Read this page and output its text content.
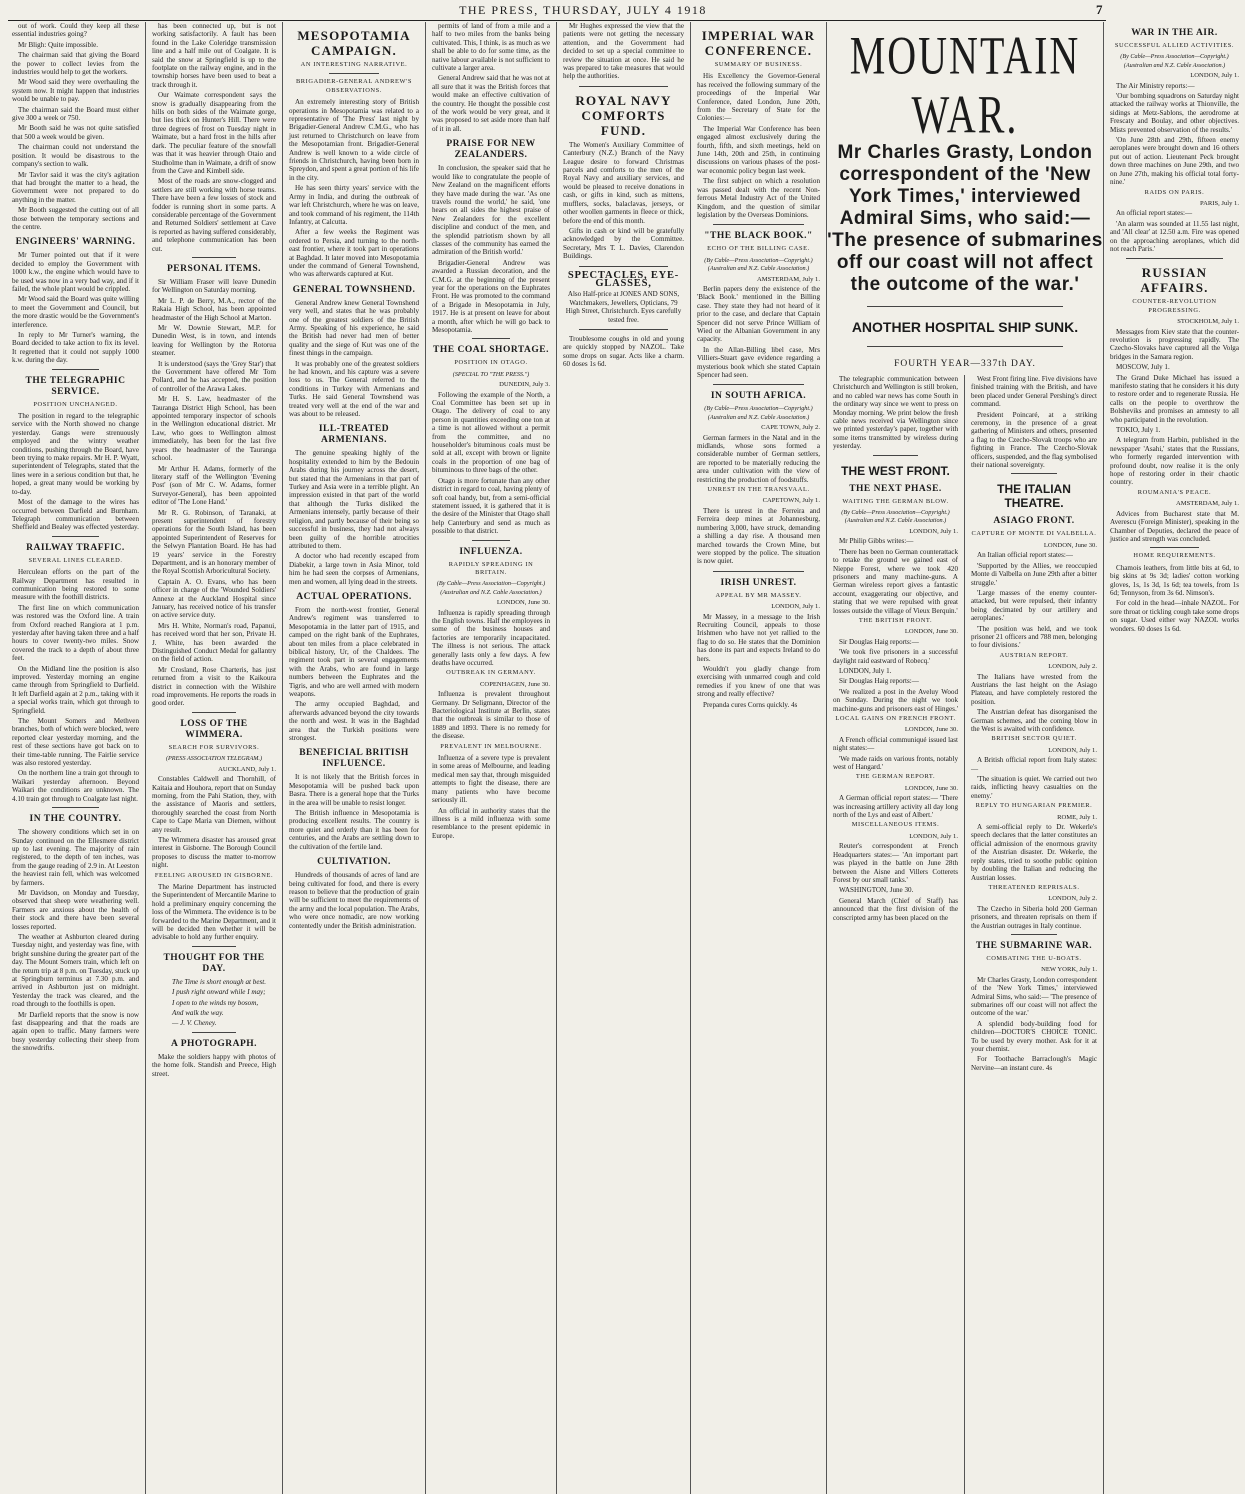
THE PRESS, THURSDAY, JULY 4 1918	7

out of work. Could they keep all these essential industries going?

Mr Bligh: Quite impossible.

The chairman said that giving the Board the power to collect levies from the industries would help to get the workers.

Mr Wood said they were overhauling the system now. It might happen that industries would be unable to pay.

The chairman said the Board must either give 300 a week or 750.

Mr Booth said he was not quite satisfied that 500 a week would be given.

The chairman could not understand the position. It would be disastrous to the company's section to walk.

Mr Tavlor said it was the city's agitation that had brought the matter to a head, the Government were not prepared to do anything in the matter.

Mr Booth suggested the cutting out of all those between the temporary sections and the centre.

ENGINEERS' WARNING.

Mr Turner pointed out that if it were decided to employ the Government with 1000 k.w., the engine which would have to be used was now in a very bad way, and if it failed, the whole plant would be crippled.

Mr Wood said the Board was quite willing to meet the Government and Council, but the more drastic would be the Government's interference.

In reply to Mr Turner's warning, the Board decided to take action to fix its level. It regretted that it could not supply 1000 k.w. during the day.

THE TELEGRAPHIC SERVICE.
POSITION UNCHANGED.

The position in regard to the telegraphic service with the North showed no change yesterday. Gangs were strenuously employed and the wintry weather conditions, pushing through the Board, have been trying to make repairs. Mr H. P. Wyatt, superintendent of Telegraphs, stated that the lines were in a serious condition but that, he hoped, a great many would be working by to-day.

Most of the damage to the wires has occurred between Darfield and Burnham. Telegraph communication between Sheffield and Bealey was effected yesterday.

RAILWAY TRAFFIC.
SEVERAL LINES CLEARED.

Herculean efforts on the part of the Railway Department has resulted in communication being restored to some measure with the foothill districts.

The first line on which communication was restored was the Oxford line. A train from Oxford reached Rangiora at 1 p.m. yesterday after having taken three and a half hours to cover twenty-two miles. Snow covered the track to a depth of about three feet.

On the Midland line the position is also improved. Yesterday morning an engine came through from Springfield to Darfield. It left Darfield again at 2 p.m., taking with it a special works train, which got through to Springfield.

The Mount Somers and Methven branches, both of which were blocked, were reported clear yesterday morning, and the rest of these sections have got back on to their time-table running. The Fairlie service was also restored yesterday.

On the northern line a train got through to Waikari yesterday afternoon. Beyond Waikari the conditions are unknown. The 4.10 train got through to Coalgate last night.

IN THE COUNTRY.

The showery conditions which set in on Sunday continued on the Ellesmere district up to last evening. The majority of rain registered, to the depth of ten inches, was from the gauge reading of 2.9 in. At Leeston the heaviest rain fell, which was welcomed by farmers.

Mr Davidson, on Monday and Tuesday, observed that sheep were weathering well. Farmers are anxious about the health of their stock and there have been several losses reported.

The weather at Ashburton cleared during Tuesday night, and yesterday was fine, with bright sunshine during the greater part of the day. The Mount Somers train, which left on the return trip at 8 p.m. on Tuesday, stuck up at Springburn terminus at 7.30 p.m. and arrived in Ashburton just on midnight. Yesterday the track was cleared, and the road through to the foothills is open.

Mr Darfield reports that the snow is now fast disappearing and that the roads are again open to traffic. Many farmers were busy yesterday collecting their sheep from the snowdrifts.

has been connected up, but is not working satisfactorily. A fault has been found in the Lake Coleridge transmission line and a half mile out of Coalgate. It is said the snow at Springfield is up to the footplate on the railway engine, and in the township horses have been used to beat a track through it.

Our Waimate correspondent says the snow is gradually disappearing from the hills on both sides of the Waimate gorge, but lies thick on Hunter's Hill. There were three degrees of frost on Tuesday night in Waimate, but a hard frost in the hills after dark. The peculiar feature of the snowfall was that it was heavier through Otaio and Studholme than in Waimate, a drift of snow from the Cave and Kimbell side.

Most of the roads are snow-clogged and settlers are still working with horse teams. There have been a few losses of stock and fodder is running short in some parts. A considerable percentage of the Government and Returned Soldiers' settlement at Cave is reported as having suffered considerably, and telephone communication has been cut.

PERSONAL ITEMS.

Sir William Fraser will leave Dunedin for Wellington on Saturday morning.

Mr L. P. de Berry, M.A., rector of the Rakaia High School, has been appointed headmaster of the High School at Marton.

Mr W. Downie Stewart, M.P. for Dunedin West, is in town, and intends leaving for Wellington by the Rotorua steamer.

It is understood (says the 'Grey Star') that the Government have offered Mr Tom Pollard, and he has accepted, the position of controller of the Arawa Lakes.

Mr H. S. Law, headmaster of the Tauranga District High School, has been appointed temporary inspector of schools in the Wellington educational district. Mr Law, who goes to Wellington almost immediately, has been for the last five years the headmaster of the Tauranga school.

Mr Arthur H. Adams, formerly of the literary staff of the Wellington 'Evening Post' (son of Mr C. W. Adams, former Surveyor-General), has been appointed editor of 'The Lone Hand.'

Mr R. G. Robinson, of Taranaki, at present superintendent of forestry operations for the South Island, has been appointed Superintendent of Reserves for the Selwyn Plantation Board. He has had 19 years' service in the Forestry Department, and is an honorary member of the Royal Scottish Arboricultural Society.

Captain A. O. Evans, who has been officer in charge of the 'Wounded Soldiers' Annexe at the Auckland Hospital since January, has received notice of his transfer on active service duty.

Mrs H. White, Norman's road, Papanui, has received word that her son, Private H. J. White, has been awarded the Distinguished Conduct Medal for gallantry on the field of action.

Mr Crosland, Rose Charteris, has just returned from a visit to the Kaikoura district in connection with the Wilshire road improvements. He reports the roads in good order.

LOSS OF THE WIMMERA.
SEARCH FOR SURVIVORS.
(PRESS ASSOCIATION TELEGRAM.)
AUCKLAND, July 1.

Constables Caldwell and Thornhill, of Kaitaia and Houhora, report that on Sunday morning, from the Pahi Station, they, with the assistance of Maoris and settlers, thoroughly searched the coast from North Cape to Cape Maria van Diemen, without any result.

The Wimmera disaster has aroused great interest in Gisborne. The Borough Council proposes to discuss the matter to-morrow night.

FEELING AROUSED IN GISBORNE.

The Marine Department has instructed the Superintendent of Mercantile Marine to hold a preliminary enquiry concerning the loss of the Wimmera. The evidence is to be forwarded to the Marine Department, and it will be decided then whether it will be advisable to hold any further enquiry.

THOUGHT FOR THE DAY.

The Time is short enough at best.

I push right onward while I may;

I open to the winds my bosom,

And walk the way.

— J. V. Cheney.

A PHOTOGRAPH.

Make the soldiers happy with photos of the home folk. Standish and Preece, High street.

MESOPOTAMIA CAMPAIGN.
AN INTERESTING NARRATIVE.
BRIGADIER-GENERAL ANDREW'S OBSERVATIONS.

An extremely interesting story of British operations in Mesopotamia was related to a representative of 'The Press' last night by Brigadier-General Andrew C.M.G., who has just returned to Christchurch on leave from the Mesopotamian front. Brigadier-General Andrew is well known to a wide circle of friends in Christchurch, having been born in Spreydon, and spent a great portion of his life in the city.

He has seen thirty years' service with the Army in India, and during the outbreak of war left Christchurch, where he was on leave, and took command of his regiment, the 114th Infantry, at Calcutta.

After a few weeks the Regiment was ordered to Persia, and turning to the north-east frontier, where it took part in operations at Baghdad. It later moved into Mesopotamia under the command of General Townshend, who was afterwards captured at Kut.

GENERAL TOWNSHEND.

General Andrew knew General Townshend very well, and states that he was probably one of the greatest soldiers of the British Army. Speaking of his experience, he said the British had never had men of better quality and the siege of Kut was one of the finest things in the campaign.

It was probably one of the greatest soldiers he had known, and his capture was a severe loss to us. The General referred to the conditions in Turkey with Armenians and Turks. He said General Townshend was treated very well at the end of the war and was about to be released.

ILL-TREATED ARMENIANS.

The genuine speaking highly of the hospitality extended to him by the Bedouin Arabs during his journey across the desert, but stated that the Armenians in that part of Turkey and Asia were in a terrible plight. An impression existed in that part of the world that although the Turks disliked the Armenians intensely, partly because of their religion, and partly because of their being so successful in business, they had not always been guilty of the horrible atrocities attributed to them.

A doctor who had recently escaped from Diabekir, a large town in Asia Minor, told him he had seen the corpses of Armenians, men and women, all lying dead in the streets.

ACTUAL OPERATIONS.

From the north-west frontier, General Andrew's regiment was transferred to Mesopotamia in the latter part of 1915, and camped on the right bank of the Euphrates, about ten miles from a place celebrated in biblical history, Ur, of the Chaldees. The regiment took part in several engagements with the Arabs, who are found in large numbers between the Euphrates and the Tigris, and who are well armed with modern weapons.

The army occupied Baghdad, and afterwards advanced beyond the city towards the north and west. It was in the Baghdad area that the Turkish positions were strongest.

BENEFICIAL BRITISH INFLUENCE.

It is not likely that the British forces in Mesopotamia will be pushed back upon Basra. There is a general hope that the Turks in the area will be unable to resist longer.

The British influence in Mesopotamia is producing excellent results. The country is more quiet and orderly than it has been for centuries, and the Arabs are settling down to the cultivation of the fertile land.

CULTIVATION.

Hundreds of thousands of acres of land are being cultivated for food, and there is every reason to believe that the production of grain will be sufficient to meet the requirements of the army and the local population. The Arabs, who were once nomadic, are now working contentedly under the British administration.

permits of land of from a mile and a half to two miles from the banks being cultivated. This, I think, is as much as we shall be able to do for some time, as the native labour available is not sufficient to cultivate a larger area.

General Andrew said that he was not at all sure that it was the British forces that would make an effective cultivation of the country. He thought the possible cost of the work would be very great, and it was proposed to set aside more than half of it in all.

PRAISE FOR NEW ZEALANDERS.

In conclusion, the speaker said that he would like to congratulate the people of New Zealand on the magnificent efforts they have made during the war. 'As one travels round the world,' he said, 'one hears on all sides the highest praise of New Zealanders for the excellent discipline and conduct of the men, and the splendid patriotism shown by all classes of the community has earned the admiration of the British world.'

Brigadier-General Andrew was awarded a Russian decoration, and the C.M.G. at the beginning of the present year for the operations on the Euphrates Front. He was promoted to the command of a Brigade in Mesopotamia in July, 1917. He is at present on leave for about a month, after which he will go back to Mesopotamia.

THE COAL SHORTAGE.
POSITION IN OTAGO.
(SPECIAL TO "THE PRESS.")
DUNEDIN, July 3.

Following the example of the North, a Coal Committee has been set up in Otago. The delivery of coal to any person in quantities exceeding one ton at a time is not allowed without a permit from the committee, and no householder's bituminous coals must be sold at all, except with brown or lignite coals in the proportion of one bag of bituminous to three bags of the other.

Otago is more fortunate than any other district in regard to coal, having plenty of soft coal handy, but, from a semi-official statement issued, it is gathered that it is the desire of the Minister that Otago shall help Canterbury and send as much as possible to that district.

INFLUENZA.
RAPIDLY SPREADING IN BRITAIN.
(By Cable—Press Association—Copyright.) (Australian and N.Z. Cable Association.)
LONDON, June 30.

Influenza is rapidly spreading through the English towns. Half the employees in some of the business houses and factories are temporarily incapacitated. The illness is not serious. The attack generally lasts only a few days. A few deaths have occurred.

OUTBREAK IN GERMANY.
COPENHAGEN, June 30.

Influenza is prevalent throughout Germany. Dr Seligmann, Director of the Bacteriological Institute at Berlin, states that the outbreak is similar to those of 1889 and 1893. There is no remedy for the disease.

PREVALENT IN MELBOURNE.

Influenza of a severe type is prevalent in some areas of Melbourne, and leading medical men say that, through misguided attempts to fight the disease, there are many patients who have become seriously ill.

An official in authority states that the illness is a mild influenza with some resemblance to the present epidemic in Europe.

Mr Hughes expressed the view that the patients were not getting the necessary attention, and the Government had decided to set up a special committee to review the situation at once. He said he was prepared to take measures that would help the authorities.

ROYAL NAVY COMFORTS FUND.

The Women's Auxiliary Committee of Canterbury (N.Z.) Branch of the Navy League desire to forward Christmas parcels and comforts to the men of the Royal Navy and auxiliary services, and would be pleased to receive donations in cash, or gifts in kind, such as mittens, mufflers, socks, balaclavas, jerseys, or other woollen garments in fleece or thick, before the end of this month.

Gifts in cash or kind will be gratefully acknowledged by the Committee. Secretary, Mrs T. L. Davies, Clarendon Buildings.

SPECTACLES, EYE-GLASSES,
Also Half-price at JONES AND SONS, Watchmakers, Jewellers, Opticians, 79 High Street, Christchurch. Eyes carefully tested free.

Troublesome coughs in old and young are quickly stopped by NAZOL. Take some drops on sugar. Acts like a charm. 60 doses 1s 6d.

IMPERIAL WAR CONFERENCE.
SUMMARY OF BUSINESS.

His Excellency the Governor-General has received the following summary of the proceedings of the Imperial War Conference, dated London, June 20th, from the Secretary of State for the Colonies:—

The Imperial War Conference has been engaged almost exclusively during the fourth, fifth, and sixth meetings, held on June 14th, 20th and 25th, in continuing discussions on various phases of the post-war economic policy begun last week.

The first subject on which a resolution was passed dealt with the recent Non-ferrous Metal Industry Act of the United Kingdom, and the question of similar legislation by the Overseas Dominions.

"THE BLACK BOOK."
ECHO OF THE BILLING CASE.
(By Cable—Press Association—Copyright.) (Australian and N.Z. Cable Association.)
AMSTERDAM, July 1.

Berlin papers deny the existence of the 'Black Book.' mentioned in the Billing case. They state they had not heard of it prior to the case, and declare that Captain Spencer did not serve Prince William of Wied or the Albanian Government in any capacity.

In the Allan-Billing libel case, Mrs Villiers-Stuart gave evidence regarding a mysterious book which she stated Captain Spencer had seen.

IN SOUTH AFRICA.
(By Cable—Press Association—Copyright.) (Australian and N.Z. Cable Association.)
CAPE TOWN, July 2.

German farmers in the Natal and in the midlands, whose sons formed a considerable number of German settlers, are reported to be materially reducing the area under cultivation with the view of restricting the production of foodstuffs.

UNREST IN THE TRANSVAAL.
CAPETOWN, July 1.

There is unrest in the Ferreira and Ferreira deep mines at Johannesburg, numbering 3,000, have struck, demanding a shilling a day rise. A thousand men marched towards the Crown Mine, but were stopped by the police. The situation is now quiet.

IRISH UNREST.
APPEAL BY MR MASSEY.
LONDON, July 1.

Mr Massey, in a message to the Irish Recruiting Council, appeals to those Irishmen who have not yet rallied to the flag to do so. He states that the Dominion has done its part and expects Ireland to do hers.

Wouldn't you gladly change from exercising with unmarred cough and cold remedies if you knew of one that was strong and really effective?

Prepanda cures Corns quickly. 4s

MOUNTAIN WAR.
Mr Charles Grasty, London correspondent of the 'New York Times,' interviewed Admiral Sims, who said:— 'The presence of submarines off our coast will not affect the outcome of the war.'
ANOTHER HOSPITAL SHIP SUNK.
FOURTH YEAR—337th DAY.

The telegraphic communication between Christchurch and Wellington is still broken, and no cabled war news has come South in the ordinary way since we went to press on Monday morning. We print below the fresh cable news received via Wellington since we printed yesterday's paper, together with some items transmitted by wireless during yesterday.

THE WEST FRONT.
THE NEXT PHASE.
WAITING THE GERMAN BLOW.
(By Cable—Press Association—Copyright.) (Australian and N.Z. Cable Association.)
LONDON, July 1.

Mr Philip Gibbs writes:—

'There has been no German counterattack to retake the ground we gained east of Nieppe Forest, where we took 420 prisoners and many machine-guns. A German wireless report gives a fantastic account, exaggerating our objective, and stating that we were repulsed with great losses outside the village of Vieux Berquin.'

THE BRITISH FRONT.
LONDON, June 30.

Sir Douglas Haig reports:—

'We took five prisoners in a successful daylight raid eastward of Robecq.'

LONDON, July 1.

Sir Douglas Haig reports:—

'We realized a post in the Aveluy Wood on Sunday. During the night we took machine-guns and prisoners east of Hinges.'

LOCAL GAINS ON FRENCH FRONT.
LONDON, June 30.

A French official communiqué issued last night states:—

'We made raids on various fronts, notably west of Hangard.'

THE GERMAN REPORT.
LONDON, June 30.

A German official report states:— 'There was increasing artillery activity all day long north of the Lys and east of Albert.'

MISCELLANEOUS ITEMS.
LONDON, July 1.

Reuter's correspondent at French Headquarters states:— 'An important part was played in the battle on June 28th between the Aisne and Villers Cotterets Forest by our small tanks.'

WASHINGTON, June 30.

General March (Chief of Staff) has announced that the first division of the conscripted army has been placed on the

West Front firing line. Five divisions have finished training with the British, and have been placed under General Pershing's direct command.

President Poincaré, at a striking ceremony, in the presence of a great gathering of Ministers and others, presented a flag to the Czecho-Slovak troops who are fighting in France. The Czecho-Slovak officers, suspended, and the flag symbolised their national sovereignty.

THE ITALIAN THEATRE.
ASIAGO FRONT.
CAPTURE OF MONTE DI VALBELLA.
LONDON, June 30.

An Italian official report states:—

'Supported by the Allies, we reoccupied Monte di Valbella on June 29th after a bitter struggle.'

'Large masses of the enemy counter-attacked, but were repulsed, their infantry being decimated by our artillery and aeroplanes.'

'The position was held, and we took prisoner 21 officers and 788 men, belonging to four divisions.'

AUSTRIAN REPORT.
LONDON, July 2.

The Italians have wrested from the Austrians the last height on the Asiago Plateau, and have completely restored the position.

The Austrian defeat has disorganised the German schemes, and the coming blow in the West is awaited with confidence.

BRITISH SECTOR QUIET.
LONDON, July 1.

A British official report from Italy states:—

'The situation is quiet. We carried out two raids, inflicting heavy casualties on the enemy.'

REPLY TO HUNGARIAN PREMIER.
ROME, July 1.

A semi-official reply to Dr. Wekerle's speech declares that the latter constitutes an official admission of the enormous gravity of the Austrian disaster. Dr. Wekerle, the reply states, tried to soothe public opinion by doubling the Italian and reducing the Austrian losses.

THREATENED REPRISALS.
LONDON, July 2.

The Czecho in Siberia hold 200 German prisoners, and threaten reprisals on them if the Austrian outrages in Italy continue.

THE SUBMARINE WAR.
COMBATING THE U-BOATS.
NEW YORK, July 1.

Mr Charles Grasty, London correspondent of the 'New York Times,' interviewed Admiral Sims, who said:— 'The presence of submarines off our coast will not affect the outcome of the war.'

A splendid body-building food for children—DOCTOR'S CHOICE TONIC. To be used by every mother. Ask for it at your chemist.

For Toothache Barraclough's Magic Nervine—an instant cure. 4s

WAR IN THE AIR.
SUCCESSFUL ALLIED ACTIVITIES.
(By Cable—Press Association—Copyright.) (Australian and N.Z. Cable Association.)
LONDON, July 1.

The Air Ministry reports:—

'Our bombing squadrons on Saturday night attacked the railway works at Thionville, the sidings at Metz-Sablons, the aerodrome at Frescaty and Boulay, and other objectives. Mists prevented observation of the results.'

'On June 28th and 29th, fifteen enemy aeroplanes were brought down and 16 others put out of action. Lieutenant Peck brought down three machines on June 29th, and two on June 27th, making his official total forty-nine.'

RAIDS ON PARIS.
PARIS, July 1.

An official report states:—

'An alarm was sounded at 11.55 last night, and 'All clear' at 12.50 a.m. Fire was opened on the approaching aeroplanes, which did not reach Paris.'

RUSSIAN AFFAIRS.
COUNTER-REVOLUTION PROGRESSING.
STOCKHOLM, July 1.

Messages from Kiev state that the counter-revolution is progressing rapidly. The Czecho-Slovaks have captured all the Volga bridges in the Samara region.

MOSCOW, July 1.

The Grand Duke Michael has issued a manifesto stating that he considers it his duty to restore order and to regenerate Russia. He calls on the people to overthrow the Bolsheviks and promises an amnesty to all who participated in the revolution.

TOKIO, July 1.

A telegram from Harbin, published in the newspaper 'Asahi,' states that the Russians, who formerly regarded intervention with profound doubt, now realise it is the only hope of restoring order in their chaotic country.

ROUMANIA'S PEACE.
AMSTERDAM, July 1.

Advices from Bucharest state that M. Averescu (Foreign Minister), speaking in the Chamber of Deputies, declared the peace of justice and strength was concluded.

HOME REQUIREMENTS.

Chamois leathers, from little bits at 6d, to big skins at 9s 3d; ladies' cotton working gloves, 1s, 1s 3d, 1s 6d; tea towels, from 1s 6d; Tennyson, from 3s 6d. Nimson's.

For cold in the head—inhale NAZOL. For sore throat or tickling cough take some drops on sugar. Used either way NAZOL works wonders. 60 doses 1s 6d.
